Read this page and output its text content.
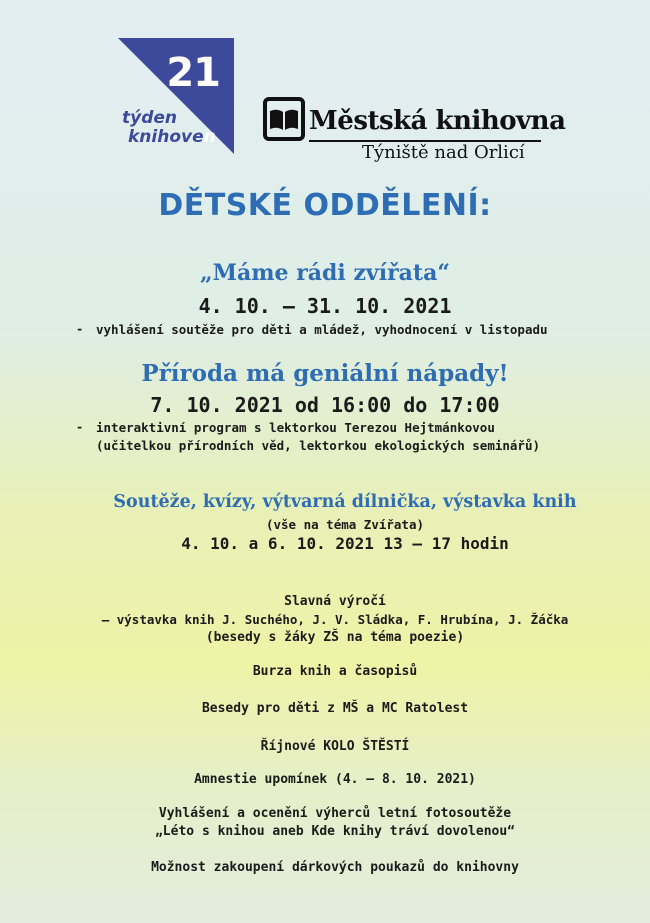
21
týden
knihoven
Městská knihovna
Týniště nad Orlicí
DĚTSKÉ ODDĚLENÍ:
„Máme rádi zvířata“
4. 10. – 31. 10. 2021
- vyhlášení soutěže pro děti a mládež, vyhodnocení v listopadu
Příroda má geniální nápady!
7. 10. 2021 od 16:00 do 17:00
- interaktivní program s lektorkou Terezou Hejtmánkovou
(učitelkou přírodních věd, lektorkou ekologických seminářů)
Soutěže, kvízy, výtvarná dílnička, výstavka knih
(vše na téma Zvířata)
4. 10. a 6. 10. 2021 13 – 17 hodin
Slavná výročí
– výstavka knih J. Suchého, J. V. Sládka, F. Hrubína, J. Žáčka
(besedy s žáky ZŠ na téma poezie)
Burza knih a časopisů
Besedy pro děti z MŠ a MC Ratolest
Říjnové KOLO ŠTĚSTÍ
Amnestie upomínek (4. – 8. 10. 2021)
Vyhlášení a ocenění výherců letní fotosoutěže
„Léto s knihou aneb Kde knihy tráví dovolenou“
Možnost zakoupení dárkových poukazů do knihovny
